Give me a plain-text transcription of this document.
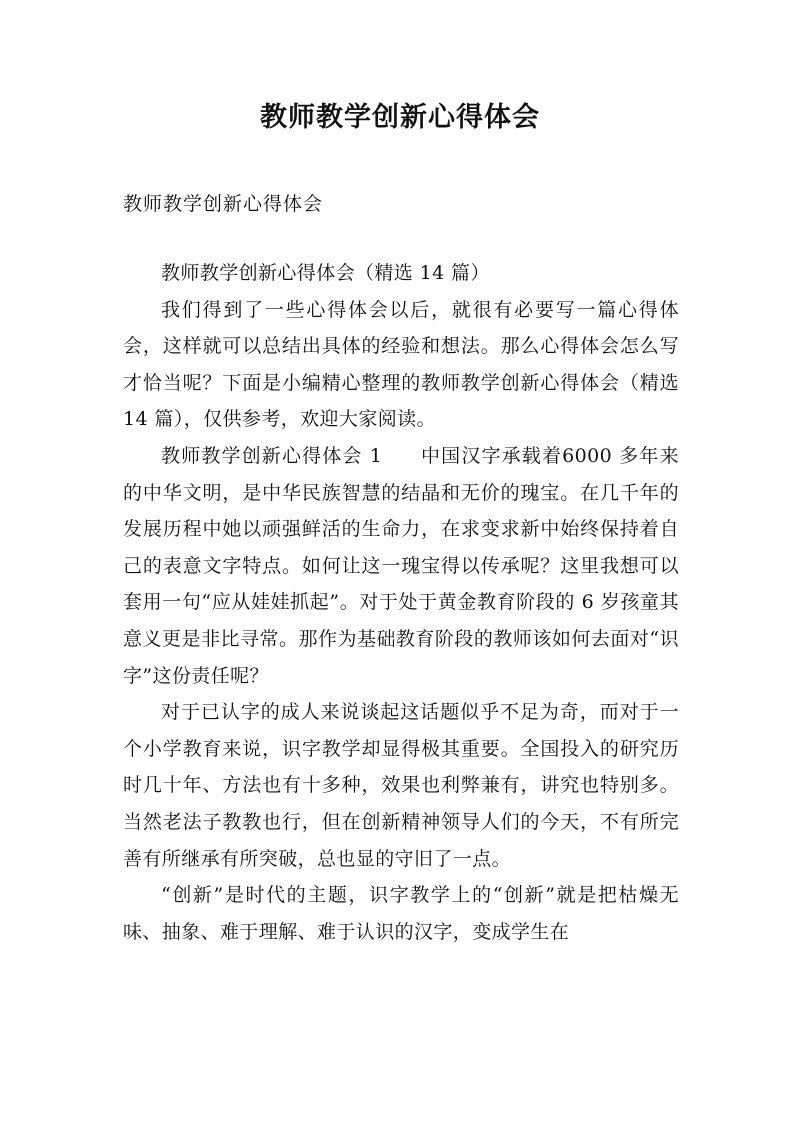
教师教学创新心得体会
教师教学创新心得体会

教师教学创新心得体会（精选 14 篇）

我们得到了一些心得体会以后，就很有必要写一篇心得体会，这样就可以总结出具体的经验和想法。那么心得体会怎么写才恰当呢？下面是小编精心整理的教师教学创新心得体会（精选 14 篇），仅供参考，欢迎大家阅读。

教师教学创新心得体会 1 中国汉字承载着6000 多年来的中华文明，是中华民族智慧的结晶和无价的瑰宝。在几千年的发展历程中她以顽强鲜活的生命力，在求变求新中始终保持着自己的表意文字特点。如何让这一瑰宝得以传承呢？这里我想可以套用一句“应从娃娃抓起”。对于处于黄金教育阶段的 6 岁孩童其意义更是非比寻常。那作为基础教育阶段的教师该如何去面对“识字”这份责任呢？

对于已认字的成人来说谈起这话题似乎不足为奇，而对于一个小学教育来说，识字教学却显得极其重要。全国投入的研究历时几十年、方法也有十多种，效果也利弊兼有，讲究也特别多。当然老法子教教也行，但在创新精神领导人们的今天，不有所完善有所继承有所突破，总也显的守旧了一点。

“创新”是时代的主题，识字教学上的“创新”就是把枯燥无味、抽象、难于理解、难于认识的汉字，变成学生在
